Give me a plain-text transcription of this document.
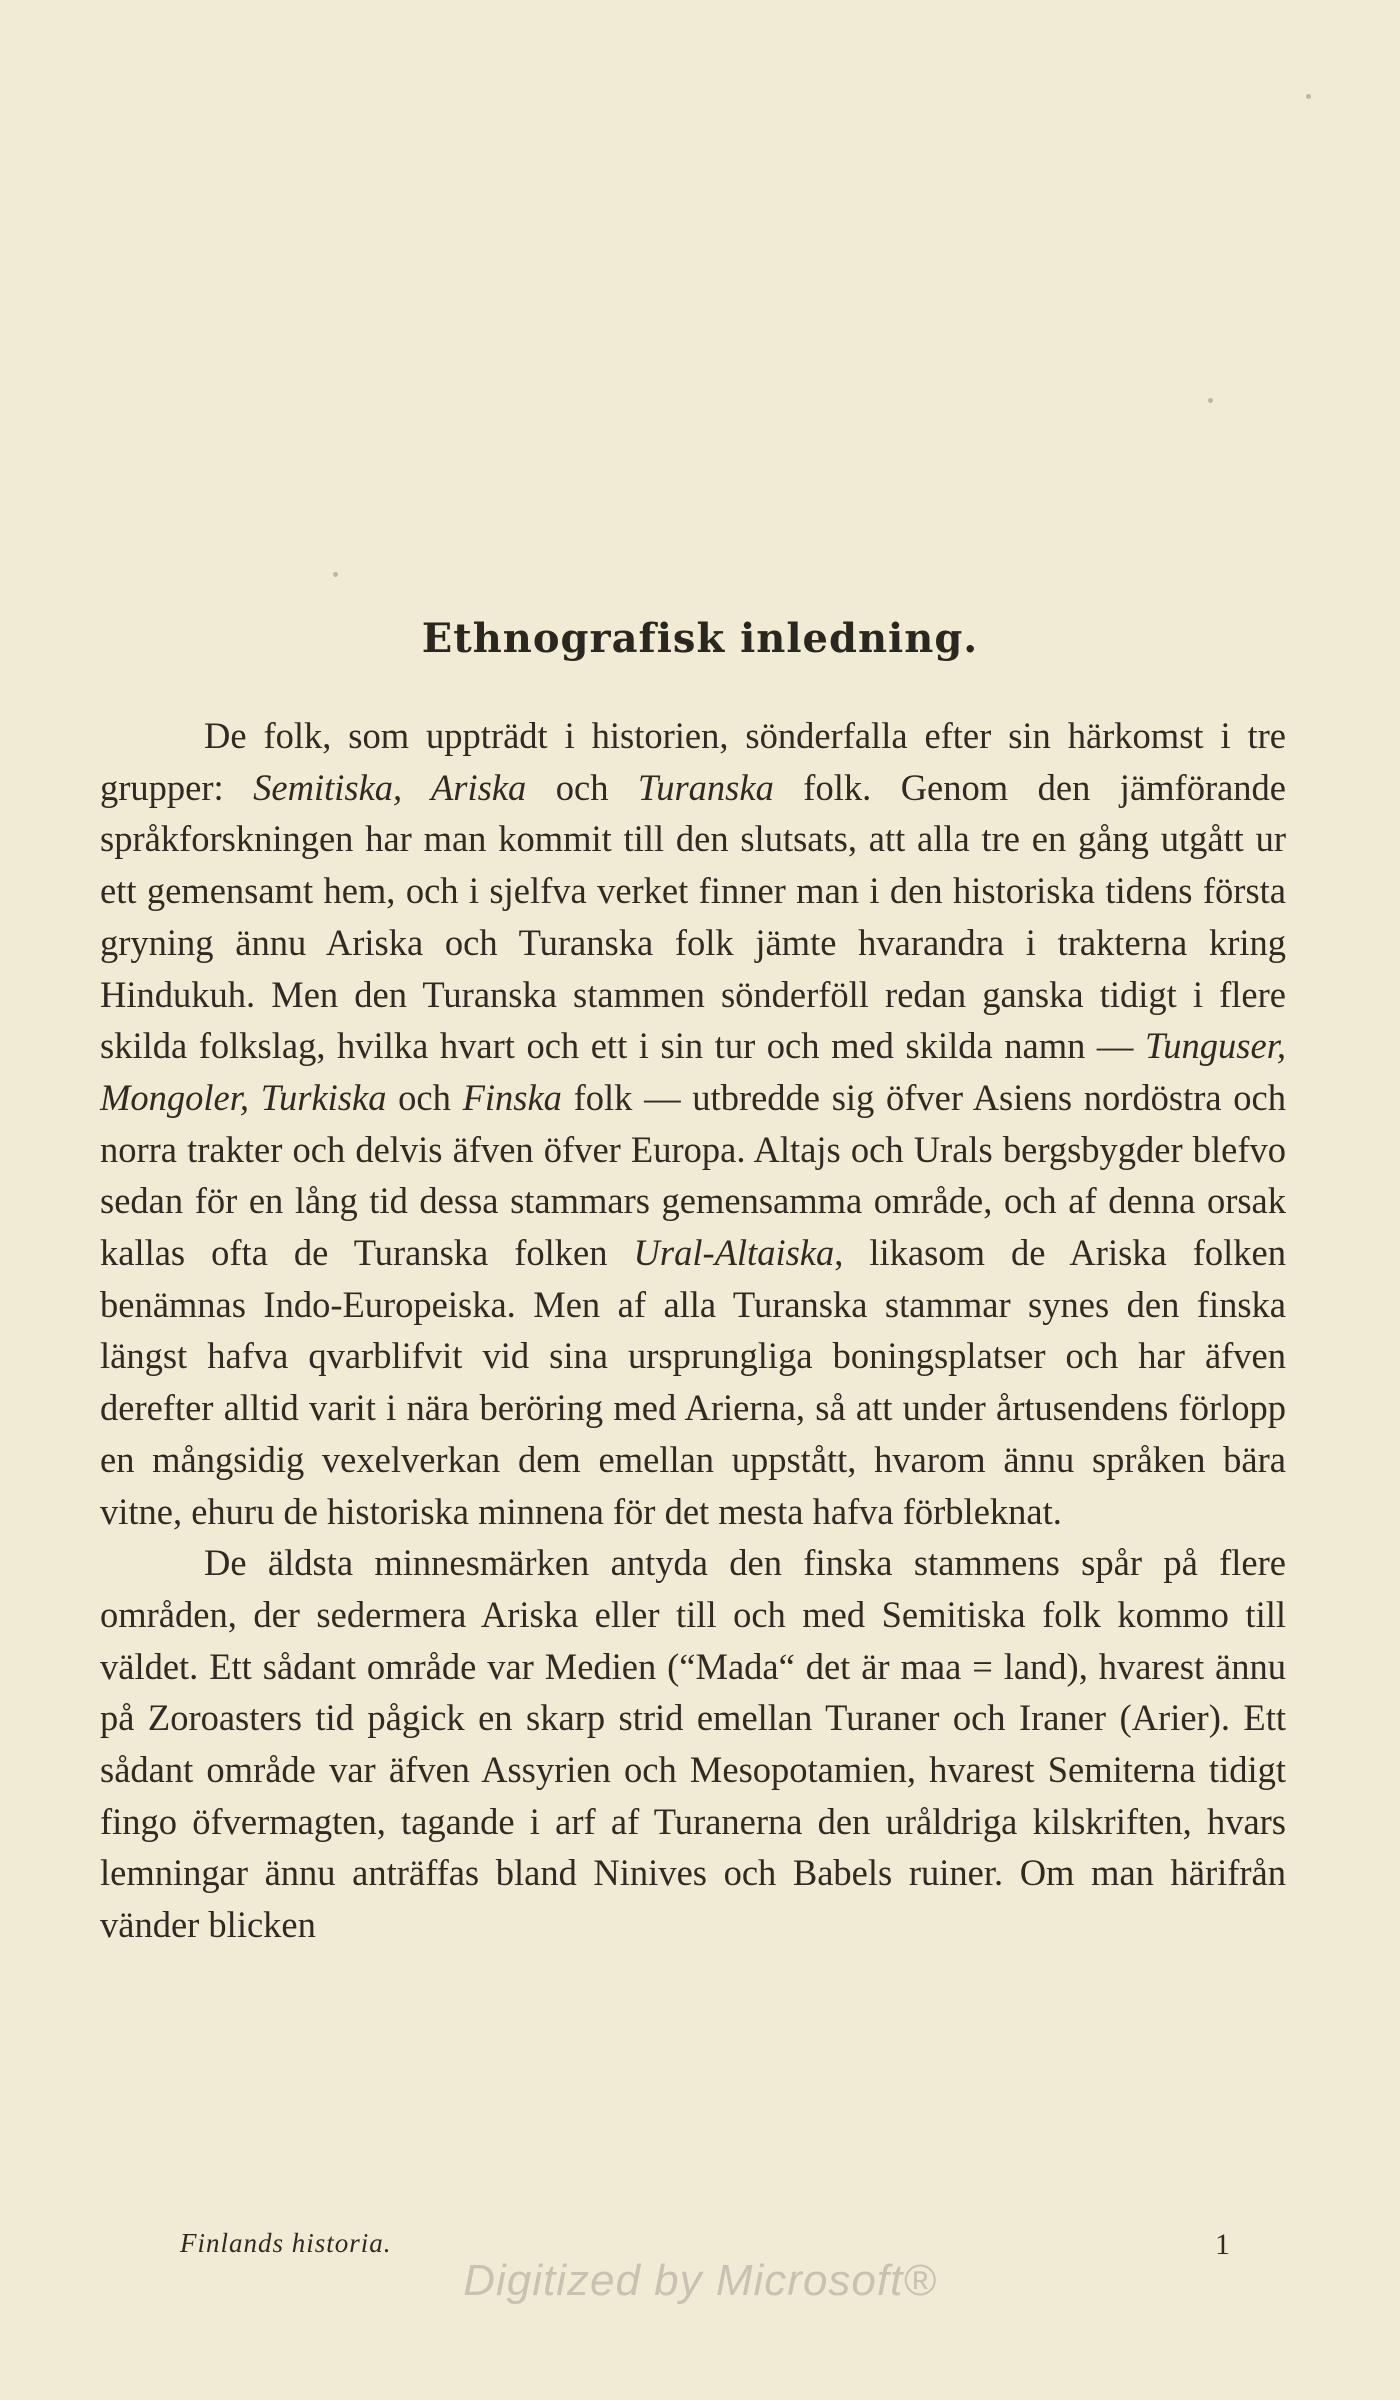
Ethnografisk inledning.

De folk, som uppträdt i historien, sönderfalla efter sin härkomst i tre grupper: Semitiska, Ariska och Turanska folk. Genom den jämförande språkforskningen har man kommit till den slutsats, att alla tre en gång utgått ur ett gemensamt hem, och i sjelfva verket finner man i den historiska tidens första gryning ännu Ariska och Turanska folk jämte hvarandra i trakterna kring Hindukuh. Men den Turanska stammen sönderföll redan ganska tidigt i flere skilda folkslag, hvilka hvart och ett i sin tur och med skilda namn — Tunguser, Mongoler, Turkiska och Finska folk — utbredde sig öfver Asiens nordöstra och norra trakter och delvis äfven öfver Europa. Altajs och Urals bergsbygder blefvo sedan för en lång tid dessa stammars gemensamma område, och af denna orsak kallas ofta de Turanska folken Ural-Altaiska, likasom de Ariska folken benämnas Indo-Europeiska. Men af alla Turanska stammar synes den finska längst hafva qvarblifvit vid sina ursprungliga boningsplatser och har äfven derefter alltid varit i nära beröring med Arierna, så att under årtusendens förlopp en mångsidig vexelverkan dem emellan uppstått, hvarom ännu språken bära vitne, ehuru de historiska minnena för det mesta hafva förbleknat.

De äldsta minnesmärken antyda den finska stammens spår på flere områden, der sedermera Ariska eller till och med Semitiska folk kommo till väldet. Ett sådant område var Medien (“Mada“ det är maa = land), hvarest ännu på Zoroasters tid pågick en skarp strid emellan Turaner och Iraner (Arier). Ett sådant område var äfven Assyrien och Mesopotamien, hvarest Semiterna tidigt fingo öfvermagten, tagande i arf af Turanerna den uråldriga kilskriften, hvars lemningar ännu anträffas bland Ninives och Babels ruiner. Om man härifrån vänder blicken

Finlands historia.	1
Digitized by Microsoft®
